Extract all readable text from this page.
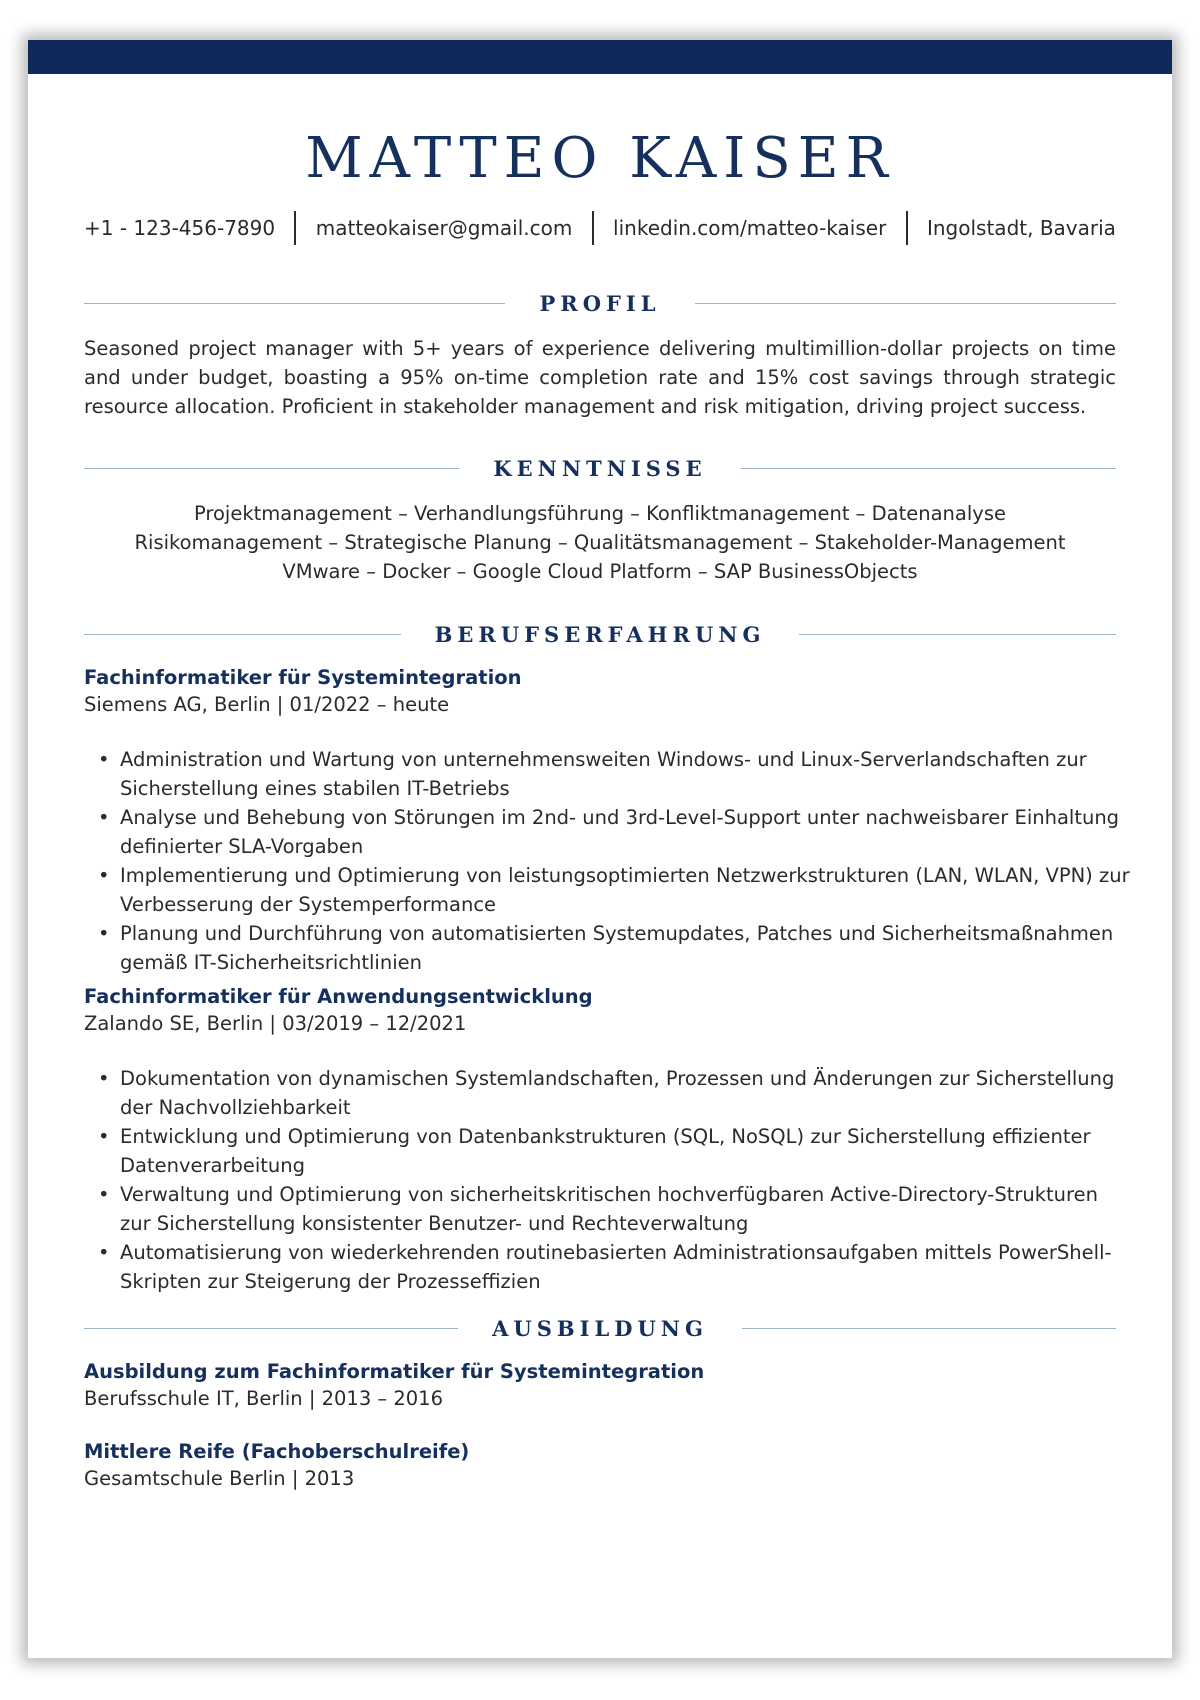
MATTEO KAISER
+1 - 123-456-7890 matteokaiser@gmail.com linkedin.com/matteo-kaiser Ingolstadt, Bavaria
PROFIL
Seasoned project manager with 5+ years of experience delivering multimillion-dollar projects on time and under budget, boasting a 95% on-time completion rate and 15% cost savings through strategic resource allocation. Proficient in stakeholder management and risk mitigation, driving project success.
KENNTNISSE
Projektmanagement – Verhandlungsführung – Konfliktmanagement – Datenanalyse
Risikomanagement – Strategische Planung – Qualitätsmanagement – Stakeholder-Management
VMware – Docker – Google Cloud Platform – SAP BusinessObjects
BERUFSERFAHRUNG
Fachinformatiker für Systemintegration
Siemens AG, Berlin | 01/2022 – heute
• Administration und Wartung von unternehmensweiten Windows- und Linux-Serverlandschaften zur Sicherstellung eines stabilen IT-Betriebs
• Analyse und Behebung von Störungen im 2nd- und 3rd-Level-Support unter nachweisbarer Einhaltung definierter SLA-Vorgaben
• Implementierung und Optimierung von leistungsoptimierten Netzwerkstrukturen (LAN, WLAN, VPN) zur Verbesserung der Systemperformance
• Planung und Durchführung von automatisierten Systemupdates, Patches und Sicherheitsmaßnahmen gemäß IT-Sicherheitsrichtlinien
Fachinformatiker für Anwendungsentwicklung
Zalando SE, Berlin | 03/2019 – 12/2021
• Dokumentation von dynamischen Systemlandschaften, Prozessen und Änderungen zur Sicherstellung der Nachvollziehbarkeit
• Entwicklung und Optimierung von Datenbankstrukturen (SQL, NoSQL) zur Sicherstellung effizienter Datenverarbeitung
• Verwaltung und Optimierung von sicherheitskritischen hochverfügbaren Active-Directory-Strukturen zur Sicherstellung konsistenter Benutzer- und Rechteverwaltung
• Automatisierung von wiederkehrenden routinebasierten Administrationsaufgaben mittels PowerShell-Skripten zur Steigerung der Prozesseffizien
AUSBILDUNG
Ausbildung zum Fachinformatiker für Systemintegration
Berufsschule IT, Berlin | 2013 – 2016
Mittlere Reife (Fachoberschulreife)
Gesamtschule Berlin | 2013
